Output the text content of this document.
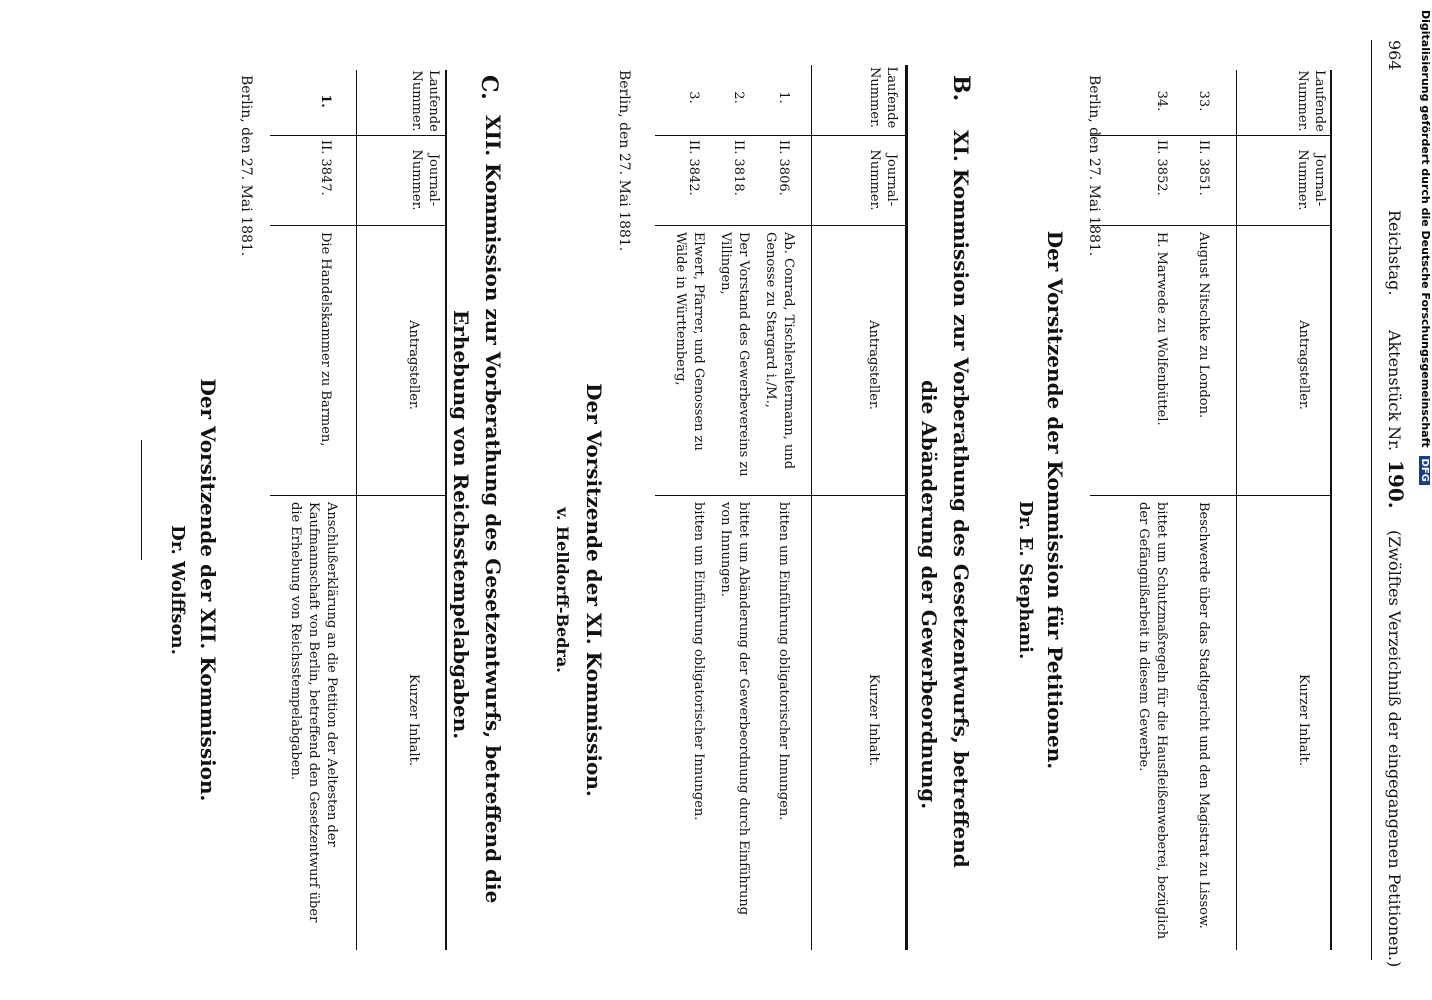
964
Reichstag.
Aktenstück Nr.
190.
(Zwölftes Verzeichniß der eingegangenen Petitionen.)
Laufende Nummer.
Journal- Nummer.
Antragsteller.
Kurzer Inhalt.
33.
II. 3851.
August Nitschke zu London.
Beschwerde über das Stadtgericht und den Magistrat zu Lissow.
34.
II. 3852.
H. Marwede zu Wolfenbüttel.
bittet um Schutzmaßregeln für die Hausfleißenweberei, bezüglich der Gefängnißarbeit in diesem Gewerbe.
Berlin, den 27. Mai 1881.
Der Vorsitzende der Kommission für Petitionen.
Dr. E. Stephani.
B.
XI. Kommission zur Vorberathung des Gesetzentwurfs, betreffend
die Abänderung der Gewerbeordnung.
Laufende Nummer.
Journal- Nummer.
Antragsteller.
Kurzer Inhalt.
1.
II. 3806.
Ab. Conrad, Tischleraltermann, und Genosse zu Stargard i./M.,
bitten um Einführung obligatorischer Innungen.
2.
II. 3818.
Der Vorstand des Gewerbevereins zu Villingen,
bittet um Abänderung der Gewerbeordnung durch Einführung von Innungen.
3.
II. 3842.
Elwert, Pfarrer, und Genossen zu Wälde in Württemberg,
bitten um Einführung obligatorischer Innungen.
Berlin, den 27. Mai 1881.
Der Vorsitzende der XI. Kommission.
v. Helldorff-Bedra.
C.
XII. Kommission zur Vorberathung des Gesetzentwurfs, betreffend die
Erhebung von Reichsstempelabgaben.
Laufende Nummer.
Journal- Nummer.
Antragsteller.
Kurzer Inhalt.
1.
II. 3847.
Die Handelskammer zu Barmen,
Anschlußerklärung an die Petition der Aeltesten der Kaufmannschaft von Berlin, betreffend den Gesetzentwurf über die Erhebung von Reichsstempelabgaben.
Berlin, den 27. Mai 1881.
Der Vorsitzende der XII. Kommission.
Dr. Wolffson.
Digitalisierung gefördert durch die Deutsche Forschungsgemeinschaft DFG
